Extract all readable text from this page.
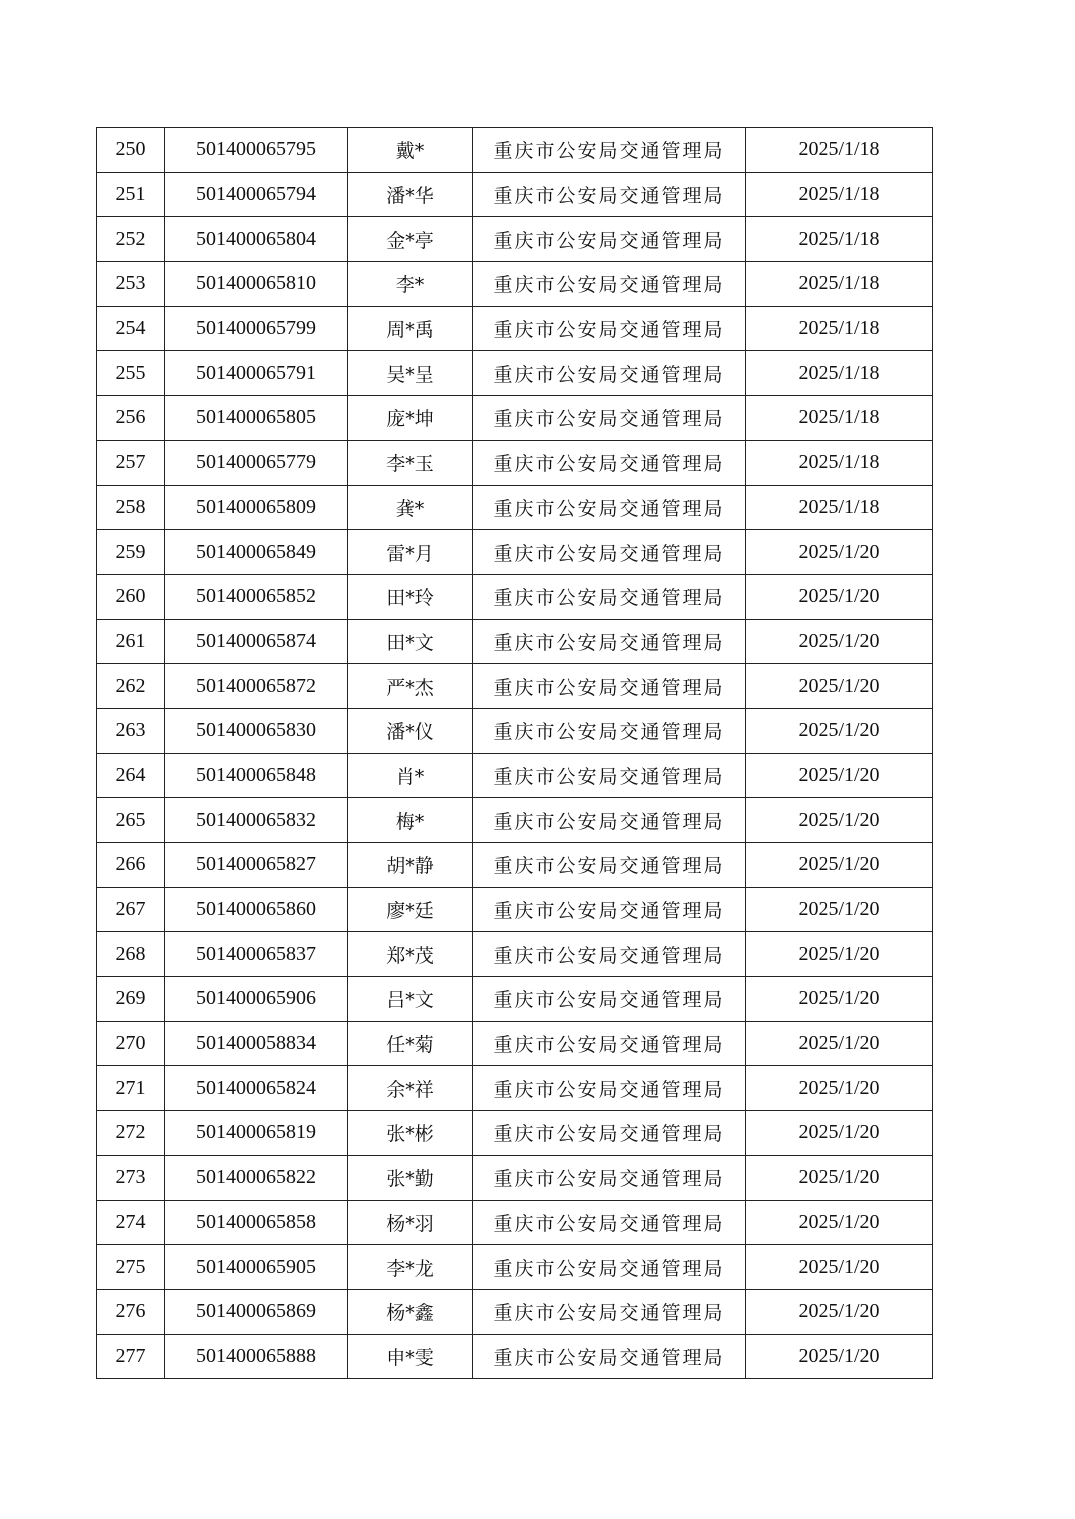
250	501400065795	戴*	重庆市公安局交通管理局	2025/1/18
251	501400065794	潘*华	重庆市公安局交通管理局	2025/1/18
252	501400065804	金*亭	重庆市公安局交通管理局	2025/1/18
253	501400065810	李*	重庆市公安局交通管理局	2025/1/18
254	501400065799	周*禹	重庆市公安局交通管理局	2025/1/18
255	501400065791	吴*呈	重庆市公安局交通管理局	2025/1/18
256	501400065805	庞*坤	重庆市公安局交通管理局	2025/1/18
257	501400065779	李*玉	重庆市公安局交通管理局	2025/1/18
258	501400065809	龚*	重庆市公安局交通管理局	2025/1/18
259	501400065849	雷*月	重庆市公安局交通管理局	2025/1/20
260	501400065852	田*玲	重庆市公安局交通管理局	2025/1/20
261	501400065874	田*文	重庆市公安局交通管理局	2025/1/20
262	501400065872	严*杰	重庆市公安局交通管理局	2025/1/20
263	501400065830	潘*仪	重庆市公安局交通管理局	2025/1/20
264	501400065848	肖*	重庆市公安局交通管理局	2025/1/20
265	501400065832	梅*	重庆市公安局交通管理局	2025/1/20
266	501400065827	胡*静	重庆市公安局交通管理局	2025/1/20
267	501400065860	廖*廷	重庆市公安局交通管理局	2025/1/20
268	501400065837	郑*茂	重庆市公安局交通管理局	2025/1/20
269	501400065906	吕*文	重庆市公安局交通管理局	2025/1/20
270	501400058834	任*菊	重庆市公安局交通管理局	2025/1/20
271	501400065824	余*祥	重庆市公安局交通管理局	2025/1/20
272	501400065819	张*彬	重庆市公安局交通管理局	2025/1/20
273	501400065822	张*勤	重庆市公安局交通管理局	2025/1/20
274	501400065858	杨*羽	重庆市公安局交通管理局	2025/1/20
275	501400065905	李*龙	重庆市公安局交通管理局	2025/1/20
276	501400065869	杨*鑫	重庆市公安局交通管理局	2025/1/20
277	501400065888	申*雯	重庆市公安局交通管理局	2025/1/20
